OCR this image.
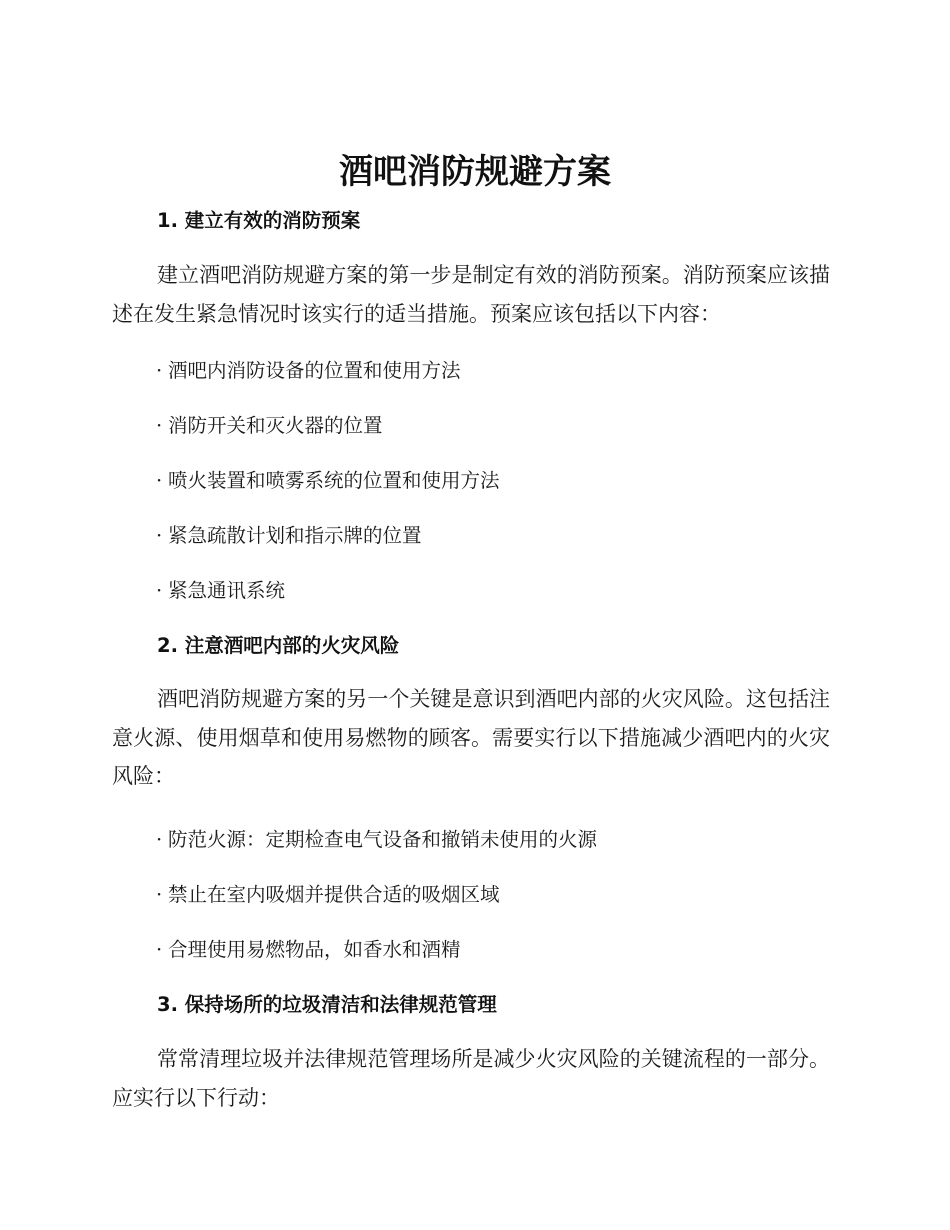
酒吧消防规避方案
1. 建立有效的消防预案

建立酒吧消防规避方案的第一步是制定有效的消防预案。消防预案应该描述在发生紧急情况时该实行的适当措施。预案应该包括以下内容：

· 酒吧内消防设备的位置和使用方法

· 消防开关和灭火器的位置

· 喷火装置和喷雾系统的位置和使用方法

· 紧急疏散计划和指示牌的位置

· 紧急通讯系统

2. 注意酒吧内部的火灾风险

酒吧消防规避方案的另一个关键是意识到酒吧内部的火灾风险。这包括注意火源、使用烟草和使用易燃物的顾客。需要实行以下措施减少酒吧内的火灾风险：

· 防范火源：定期检查电气设备和撤销未使用的火源

· 禁止在室内吸烟并提供合适的吸烟区域

· 合理使用易燃物品，如香水和酒精

3. 保持场所的垃圾清洁和法律规范管理

常常清理垃圾并法律规范管理场所是减少火灾风险的关键流程的一部分。应实行以下行动：
